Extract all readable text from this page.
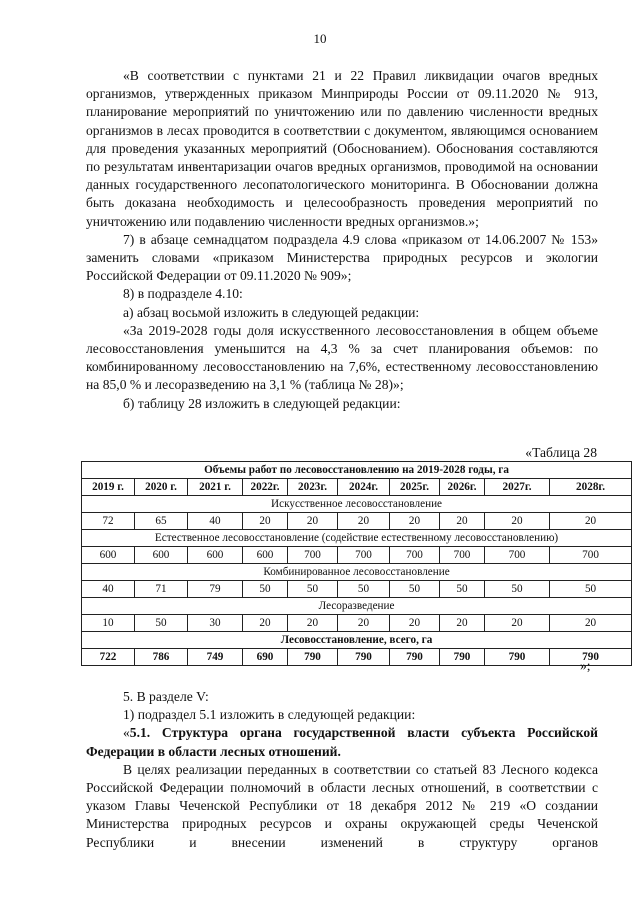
10

«В соответствии с пунктами 21 и 22 Правил ликвидации очагов вредных организмов, утвержденных приказом Минприроды России от 09.11.2020 № 913, планирование мероприятий по уничтожению или по давлению численности вредных организмов в лесах проводится в соответствии с документом, являющимся основанием для проведения указанных мероприятий (Обоснованием). Обоснования составляются по результатам инвентаризации очагов вредных организмов, проводимой на основании данных государственного лесопатологического мониторинга. В Обосновании должна быть доказана необходимость и целесообразность проведения мероприятий по уничтожению или подавлению численности вредных организмов.»;

7) в абзаце семнадцатом подраздела 4.9 слова «приказом от 14.06.2007 № 153» заменить словами «приказом Министерства природных ресурсов и экологии Российской Федерации от 09.11.2020 № 909»;

8) в подразделе 4.10:

а) абзац восьмой изложить в следующей редакции:

«За 2019-2028 годы доля искусственного лесовосстановления в общем объеме лесовосстановления уменьшится на 4,3 % за счет планирования объемов: по комбинированному лесовосстановлению на 7,6%, естественному лесовосстановлению на 85,0 % и лесоразведению на 3,1 % (таблица № 28)»;

б) таблицу 28 изложить в следующей редакции:

«Таблица 28
Объемы работ по лесовосстановлению на 2019-2028 годы, га									
2019 г.	2020 г.	2021 г.	2022г.	2023г.	2024г.	2025г.	2026г.	2027г.	2028г.
Искусственное лесовосстановление									
72	65	40	20	20	20	20	20	20	20
Естественное лесовосстановление (содействие естественному лесовосстановлению)									
600	600	600	600	700	700	700	700	700	700
Комбинированное лесовосстановление									
40	71	79	50	50	50	50	50	50	50
Лесоразведение									
10	50	30	20	20	20	20	20	20	20
Лесовосстановление, всего, га									
722	786	749	690	790	790	790	790	790	790
»;

5. В разделе V:

1) подраздел 5.1 изложить в следующей редакции:

«5.1. Структура органа государственной власти субъекта Российской Федерации в области лесных отношений.

В целях реализации переданных в соответствии со статьей 83 Лесного кодекса Российской Федерации полномочий в области лесных отношений, в соответствии с указом Главы Чеченской Республики от 18 декабря 2012 № 219 «О создании Министерства природных ресурсов и охраны окружающей среды Чеченской Республики и внесении изменений в структуру органов
